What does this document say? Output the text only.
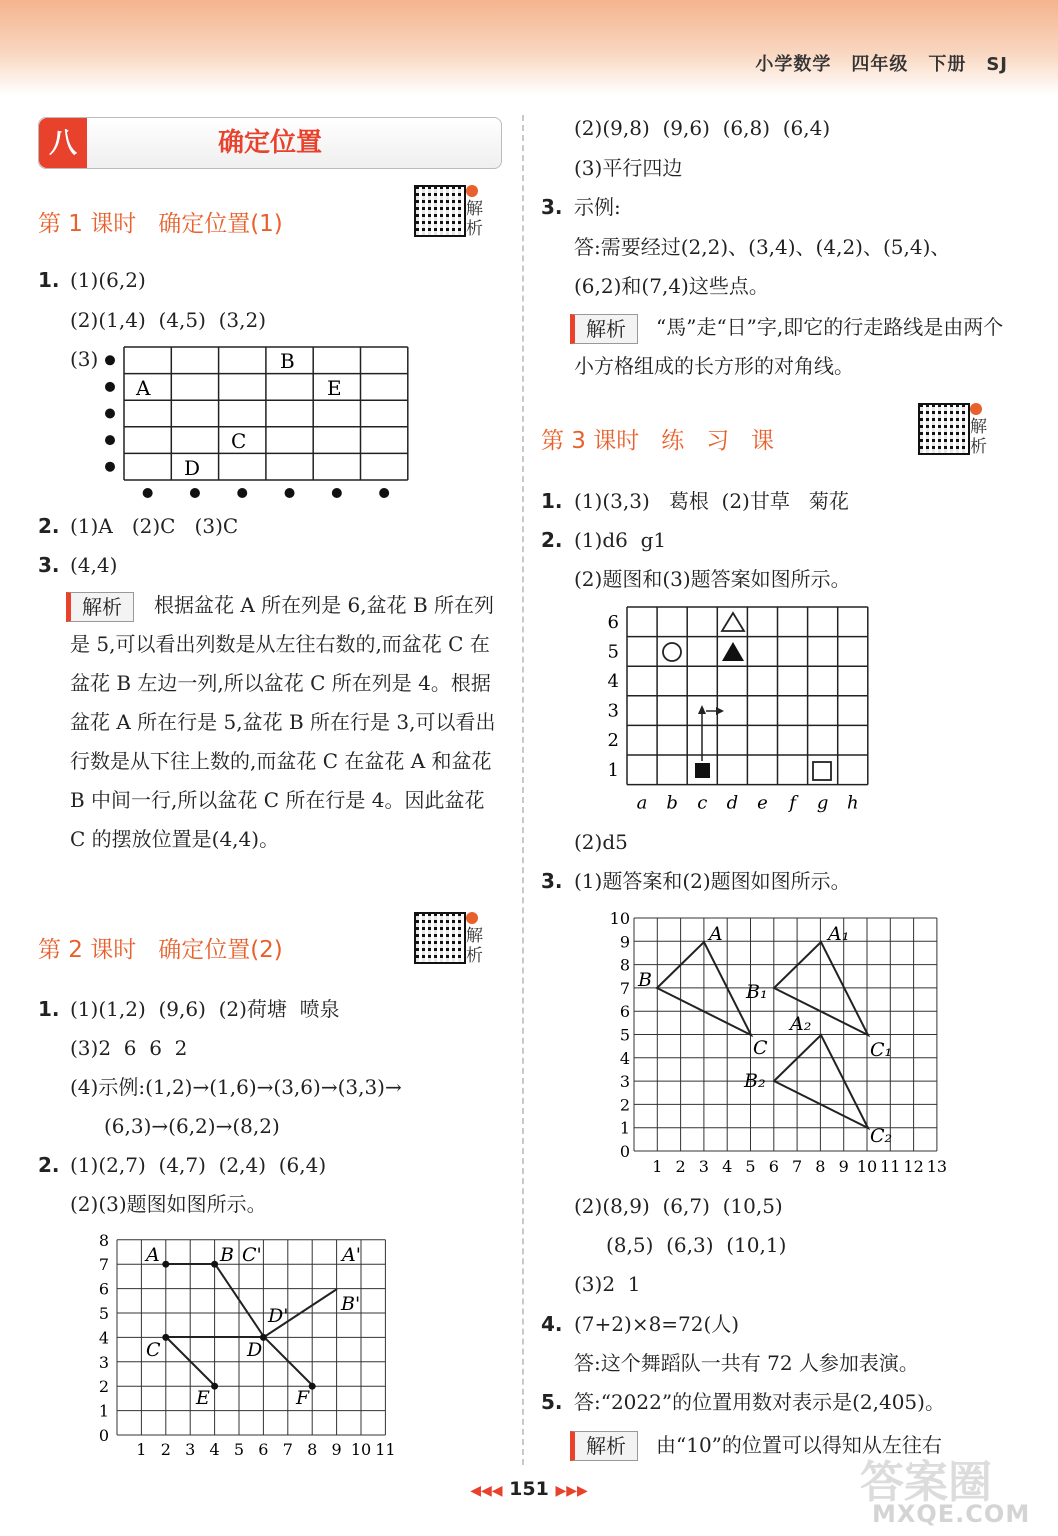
小学数学 四年级 下册 SJ
确定位置
八
第 1 课时   确定位置(1)
解析
1. (1)(6,2)
(2)(1,4)  (4,5)  (3,2)
(3)
A
B
C
D
E
2. (1)A   (2)C   (3)C
3. (4,4)
解析	根据盆花 A 所在列是 6,盆花 B 所在列是 5,可以看出列数是从左往右数的,而盆花 C 在盆花 B 左边一列,所以盆花 C 所在列是 4。根据盆花 A 所在行是 5,盆花 B 所在行是 3,可以看出行数是从下往上数的,而盆花 C 在盆花 A 和盆花 B 中间一行,所以盆花 C 所在行是 4。因此盆花 C 的摆放位置是(4,4)。
第 2 课时   确定位置(2)
解析
1. (1)(1,2)  (9,6)  (2)荷塘  喷泉
(3)2  6  6  2
(4)示例:(1,2)→(1,6)→(3,6)→(3,3)→
(6,3)→(6,2)→(8,2)
2. (1)(2,7)  (4,7)  (2,4)  (6,4)
(2)(3)题图如图所示。
1 2 3 4 5 6 7 8 9 10 11
0
1
2
3
4
5
6
7
8
A	B C'	A'
D'
B'
C	D
E	F
(2)(9,8)  (9,6)  (6,8)  (6,4)
(3)平行四边
3. 示例:
答:需要经过(2,2)、(3,4)、(4,2)、(5,4)、
(6,2)和(7,4)这些点。
解析	“馬”走“日”字,即它的行走路线是由两个小方格组成的长方形的对角线。
第 3 课时   练   习   课
解析
1. (1)(3,3)   葛根  (2)甘草   菊花
2. (1)d6  g1
(2)题图和(3)题答案如图所示。
a b c d e f g h
6
5
4
3
2
1
(2)d5
3. (1)题答案和(2)题图如图所示。
1 2 3 4 5 6 7 8 9 10 11 12 13
0
1
2
3
4
5
6
7
8
9
10
A
B
C
A₁
B₁
C₁
A₂
B₂
C₂
(2)(8,9)  (6,7)  (10,5)
(8,5)  (6,3)  (10,1)
(3)2  1
4. (7+2)×8=72(人)
答:这个舞蹈队一共有 72 人参加表演。
5. 答:“2022”的位置用数对表示是(2,405)。
解析	由“10”的位置可以得知从左往右
答案圈
MXQE.COM
◀◀◀ 151 ▶▶▶
